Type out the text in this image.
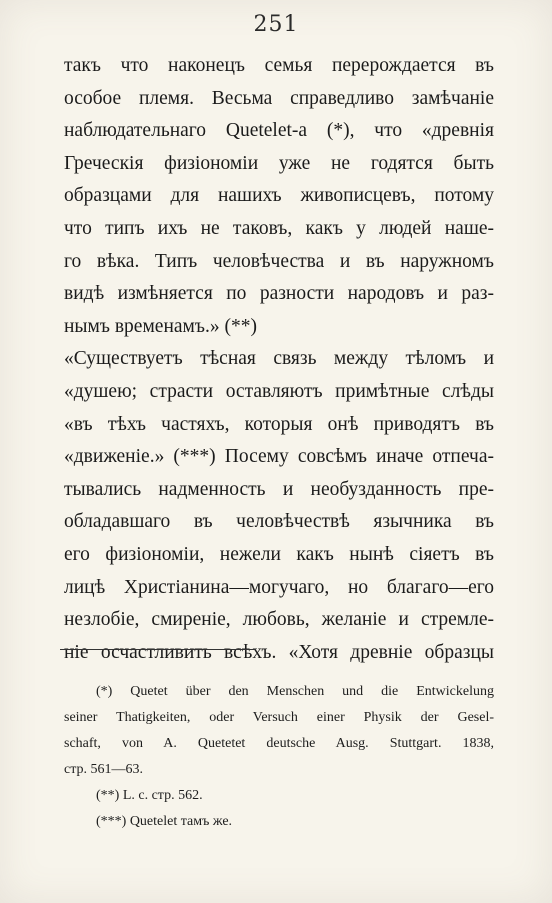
251
такъ что наконецъ семья перерождается въ
особое племя. Весьма справедливо замѣчаніе
наблюдательнаго Quetelet-а (*), что «древнія
Греческія физіономіи уже не годятся быть
образцами для нашихъ живописцевъ, потому
что типъ ихъ не таковъ, какъ у людей наше-
го вѣка. Типъ человѣчества и въ наружномъ
видѣ измѣняется по разности народовъ и раз-
нымъ временамъ.» (**)
«Существуетъ тѣсная связь между тѣломъ и
«душею; страсти оставляютъ примѣтные слѣды
«въ тѣхъ частяхъ, которыя онѣ приводятъ въ
«движеніе.» (***) Посему совсѣмъ иначе отпеча-
тывались надменность и необузданность пре-
обладавшаго въ человѣчествѣ язычника въ
его физіономіи, нежели какъ нынѣ сіяетъ въ
лицѣ Христіанина—могучаго, но благаго—его
незлобіе, смиреніе, любовь, желаніе и стремле-
ніе осчастливить всѣхъ. «Хотя древніе образцы
(*) Quetet über den Menschen und die Entwickelung
seiner Thatigkeiten, oder Versuch einer Physik der Gesel-
schaft, von A. Quetetet deutsche Ausg. Stuttgart. 1838,
стр. 561—63.
(**) L. c. стр. 562.
(***) Quetelet тамъ же.
